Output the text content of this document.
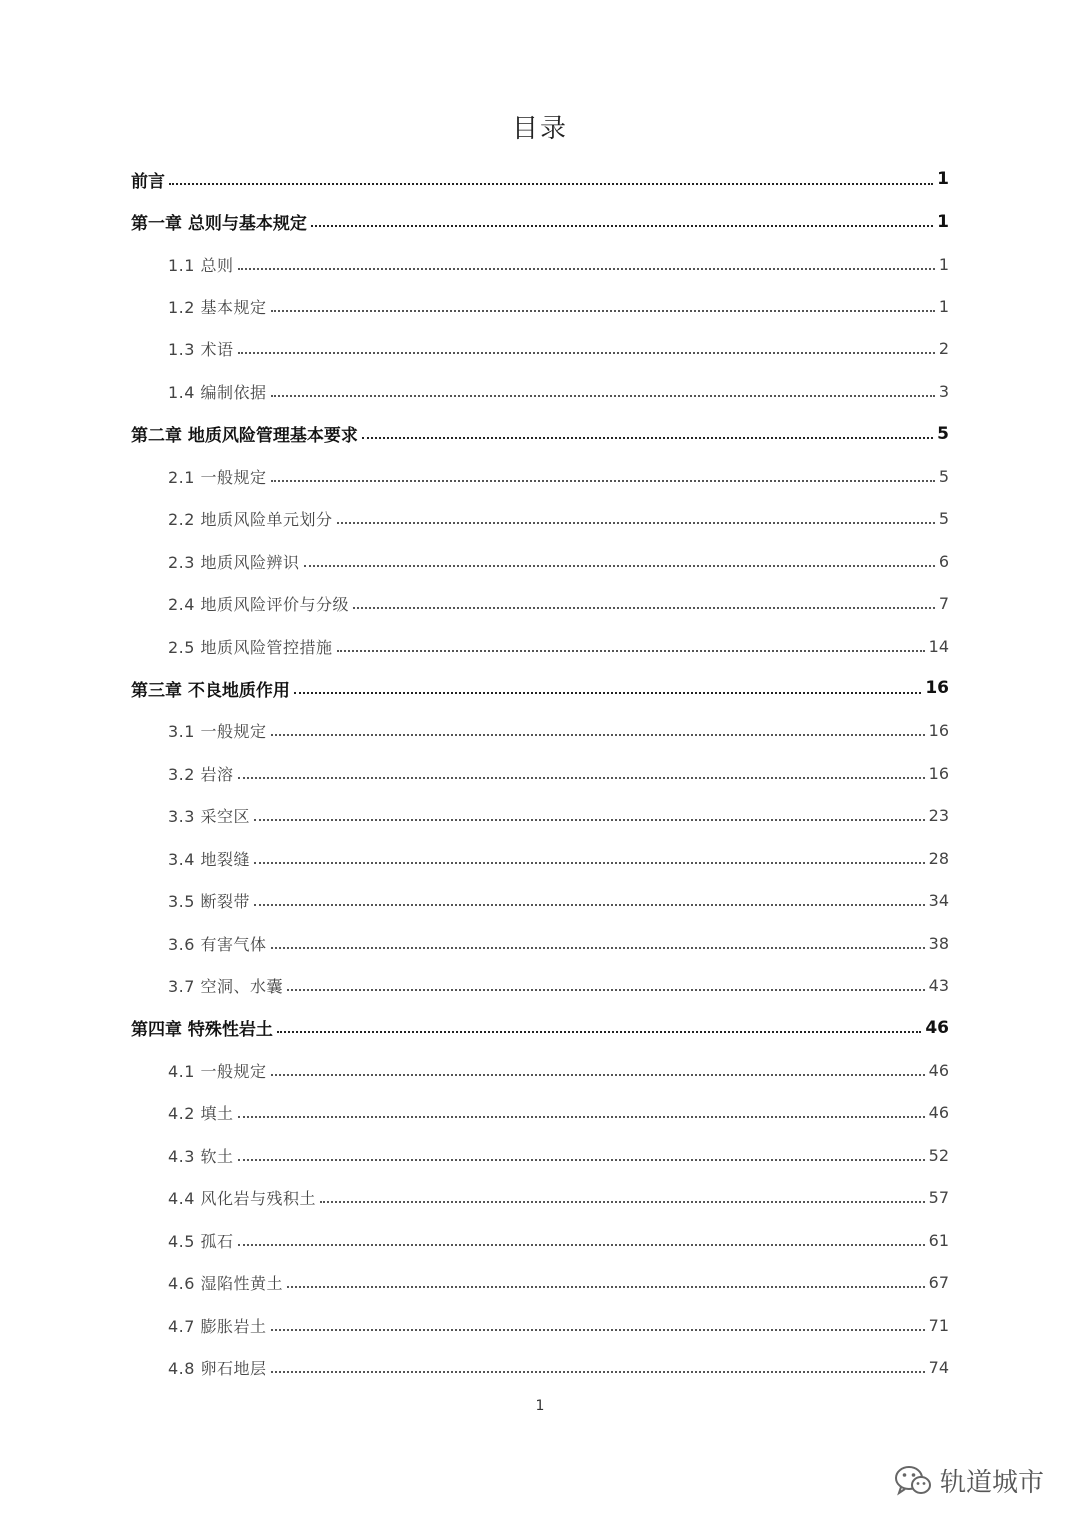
目录
前言	1
第一章 总则与基本规定	1
1.1 总则	1
1.2 基本规定	1
1.3 术语	2
1.4 编制依据	3
第二章 地质风险管理基本要求	5
2.1 一般规定	5
2.2 地质风险单元划分	5
2.3 地质风险辨识	6
2.4 地质风险评价与分级	7
2.5 地质风险管控措施	14
第三章 不良地质作用	16
3.1 一般规定	16
3.2 岩溶	16
3.3 采空区	23
3.4 地裂缝	28
3.5 断裂带	34
3.6 有害气体	38
3.7 空洞、水囊	43
第四章 特殊性岩土	46
4.1 一般规定	46
4.2 填土	46
4.3 软土	52
4.4 风化岩与残积土	57
4.5 孤石	61
4.6 湿陷性黄土	67
4.7 膨胀岩土	71
4.8 卵石地层	74
1
轨道城市
